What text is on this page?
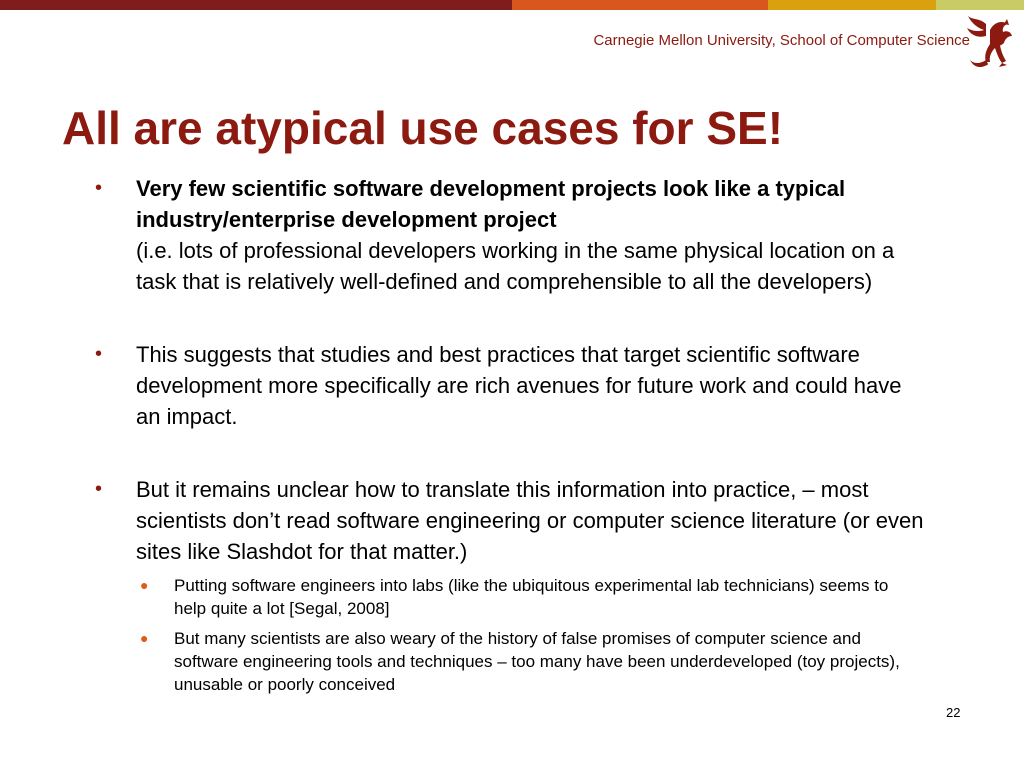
Carnegie Mellon University, School of Computer Science
All are atypical use cases for SE!
• Very few scientific software development projects look like a typical industry/enterprise development project
(i.e. lots of professional developers working in the same physical location on a task that is relatively well-defined and comprehensible to all the developers)
• This suggests that studies and best practices that target scientific software development more specifically are rich avenues for future work and could have an impact.
• But it remains unclear how to translate this information into practice, – most scientists don’t read software engineering or computer science literature (or even sites like Slashdot for that matter.)
● Putting software engineers into labs (like the ubiquitous experimental lab technicians) seems to help quite a lot [Segal, 2008]
● But many scientists are also weary of the history of false promises of computer science and software engineering tools and techniques – too many have been underdeveloped (toy projects), unusable or poorly conceived
22
